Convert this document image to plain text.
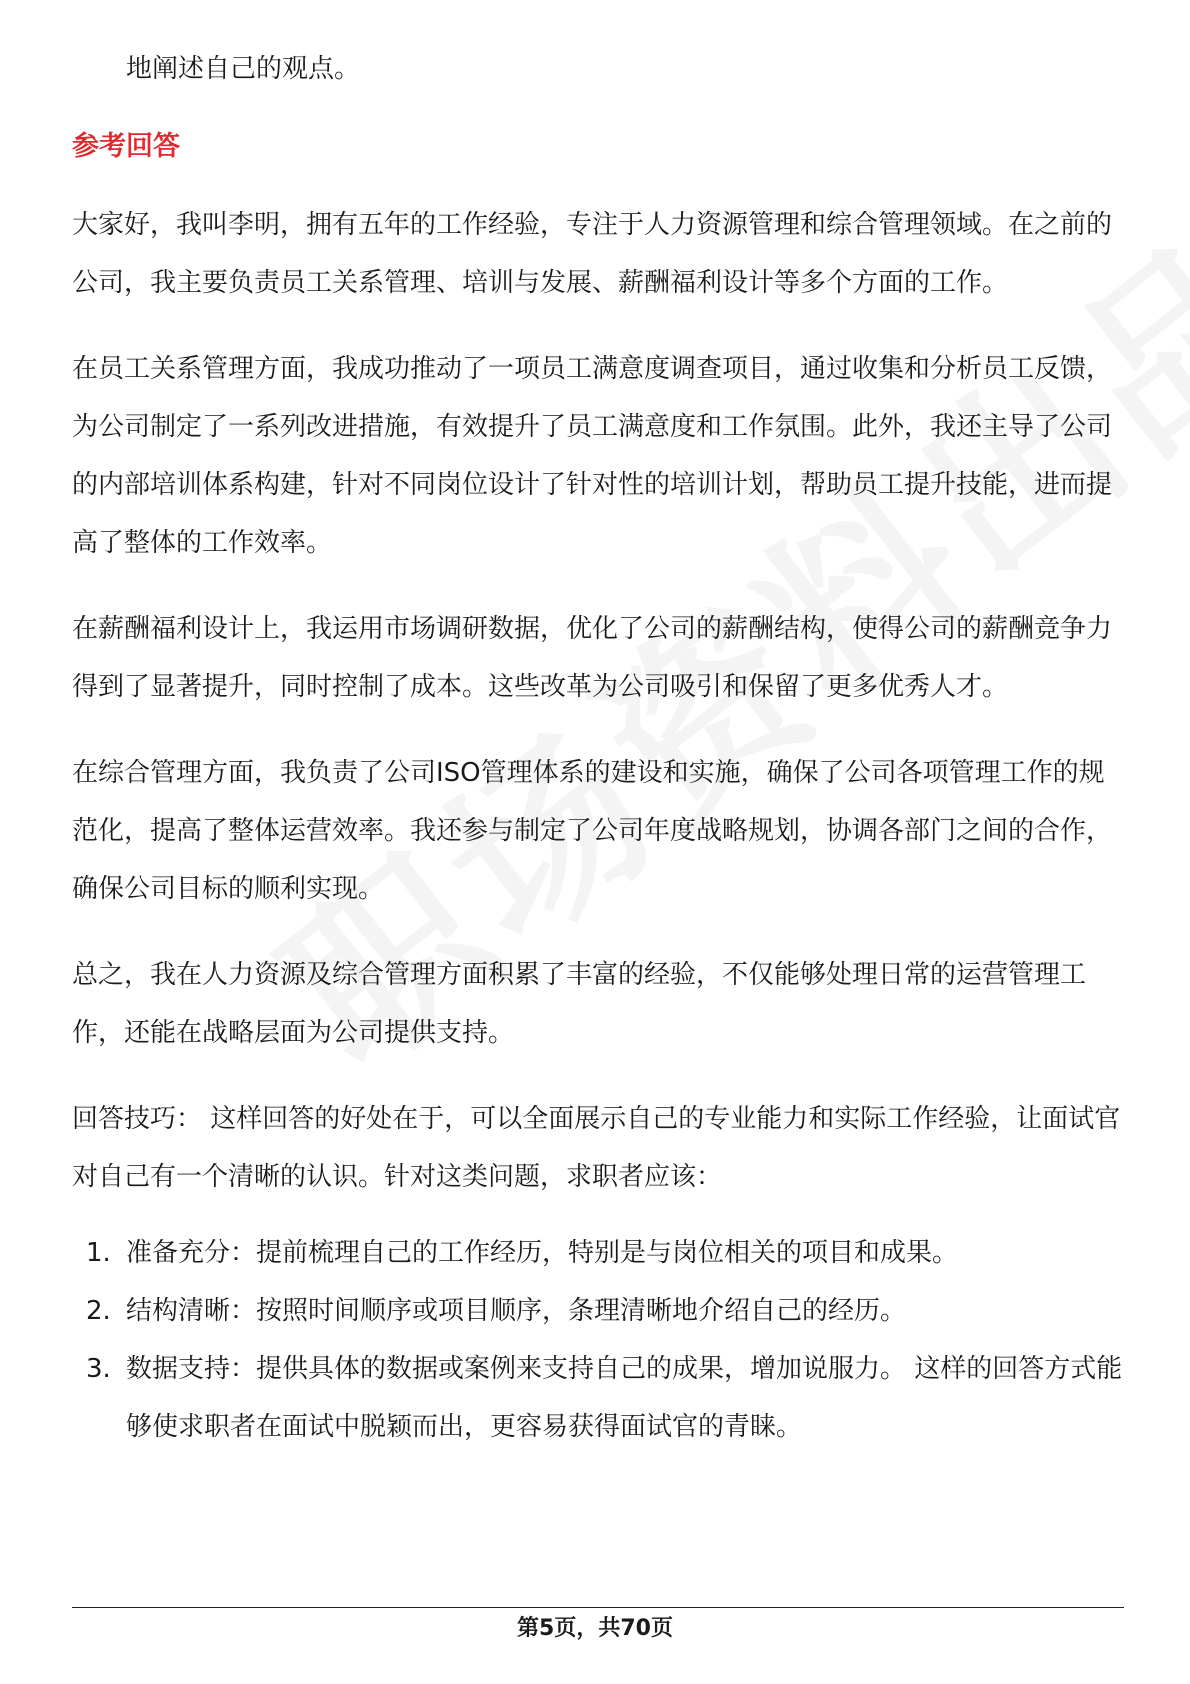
地阐述自己的观点。

参考回答

大家好，我叫李明，拥有五年的工作经验，专注于人力资源管理和综合管理领域。在之前的公司，我主要负责员工关系管理、培训与发展、薪酬福利设计等多个方面的工作。

在员工关系管理方面，我成功推动了一项员工满意度调查项目，通过收集和分析员工反馈，为公司制定了一系列改进措施，有效提升了员工满意度和工作氛围。此外，我还主导了公司的内部培训体系构建，针对不同岗位设计了针对性的培训计划，帮助员工提升技能，进而提高了整体的工作效率。

在薪酬福利设计上，我运用市场调研数据，优化了公司的薪酬结构，使得公司的薪酬竞争力得到了显著提升，同时控制了成本。这些改革为公司吸引和保留了更多优秀人才。

在综合管理方面，我负责了公司ISO管理体系的建设和实施，确保了公司各项管理工作的规范化，提高了整体运营效率。我还参与制定了公司年度战略规划，协调各部门之间的合作，确保公司目标的顺利实现。

总之，我在人力资源及综合管理方面积累了丰富的经验，不仅能够处理日常的运营管理工作，还能在战略层面为公司提供支持。

回答技巧： 这样回答的好处在于，可以全面展示自己的专业能力和实际工作经验，让面试官对自己有一个清晰的认识。针对这类问题，求职者应该：

1. 准备充分：提前梳理自己的工作经历，特别是与岗位相关的项目和成果。
2. 结构清晰：按照时间顺序或项目顺序，条理清晰地介绍自己的经历。
3. 数据支持：提供具体的数据或案例来支持自己的成果，增加说服力。 这样的回答方式能够使求职者在面试中脱颖而出，更容易获得面试官的青睐。
第5页，共70页
